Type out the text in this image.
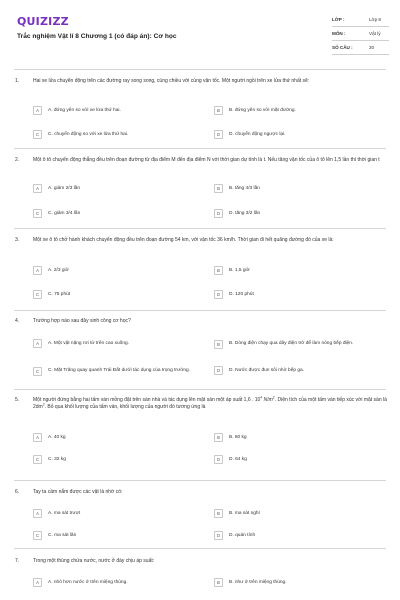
QUIZIZZ
Trắc nghiệm Vật lí 8 Chương 1 (có đáp án): Cơ học
LỚP :	Lớp 8
MÔN :	Vật lý
SỐ CÂU :	20
1.	Hai xe lửa chuyển động trên các đường ray song song, cùng chiều với cùng vận tốc. Một người ngồi trên xe lửa thứ nhất sẽ:
A	A. đứng yên so với xe lửa thứ hai.	B	B. đứng yên so với mặt đường.
C	C. chuyển động so với xe lửa thứ hai.	D	D. chuyển động ngược lại.
2.	Một ô tô chuyển động thẳng đều trên đoạn đường từ địa điểm M đến địa điểm N với thời gian dự tính là t. Nếu tăng vận tốc của ô tô lên 1,5 lần thì thời gian t
A	A. giảm 2/3 lần	B	B. tăng 4/3 lần
C	C. giảm 3/4 lần	D	D. tăng 3/2 lần
3.	Một xe ô tô chở hành khách chuyển động đều trên đoạn đường 54 km, với vận tốc 36 km/h. Thời gian đi hết quãng đường đó của xe là:
A	A. 2/3 giờ	B	B. 1,5 giờ
C	C. 75 phút	D	D. 120 phút
4.	Trường hợp nào sau đây sinh công cơ học?
A	A. Một vật nặng rơi từ trên cao xuống.	B	B. Dòng điện chạy qua dây điện trở để làm nóng bếp điện.
C	C. Mặt Trăng quay quanh Trái Đất dưới tác dụng của trọng trường.	D	D. Nước được đun sôi nhờ bếp ga.
5.	Một người đứng bằng hai tấm ván mỏng đặt trên sàn nhà và tác dụng lên mặt sàn một áp suất 1,6 . $10^4$ $N/m^2$. Diện tích của một tấm ván tiếp xúc với mặt sàn là $2dm^2$. Bỏ qua khối lượng của tấm ván, khối lượng của người đó tương ứng là
A	A. 40 kg	B	B. 80 kg
C	C. 32 kg	D	D. 64 kg
6.	Tay ta cầm nắm được các vật là nhờ có:
A	A. ma sát trượt	B	B. ma sát nghỉ
C	C. ma sát lăn	D	D. quán tính
7.	Trong một thùng chứa nước, nước ở đáy chịu áp suất:
A	A. nhỏ hơn nước ở trên miệng thùng.	B	B. như ở trên miệng thùng.
